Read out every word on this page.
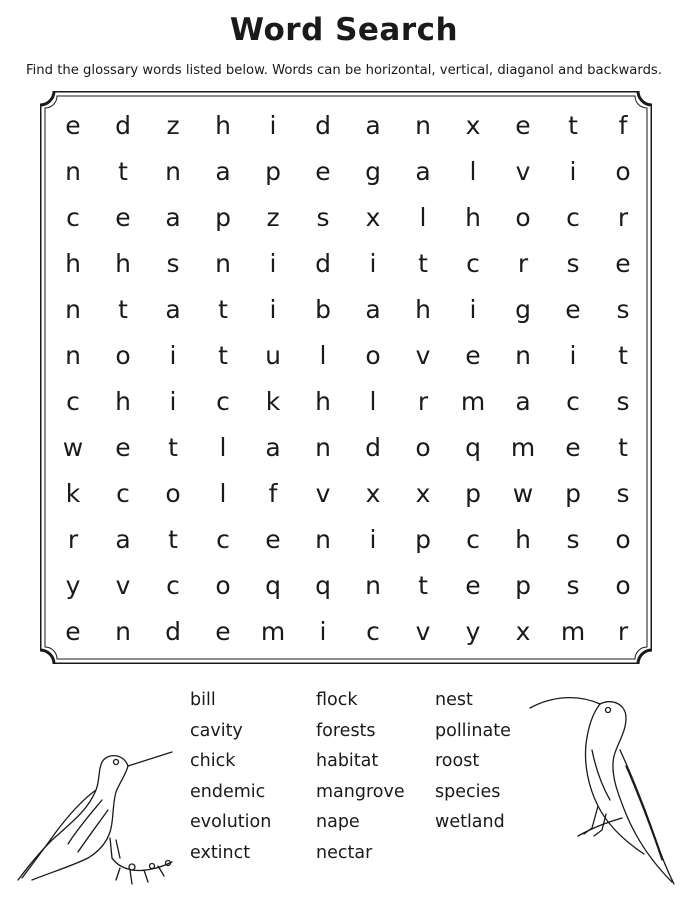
Word Search
Find the glossary words listed below. Words can be horizontal, vertical, diaganol and backwards.
e	d	z	h	i	d	a	n	x	e	t	f
n	t	n	a	p	e	g	a	l	v	i	o
c	e	a	p	z	s	x	l	h	o	c	r
h	h	s	n	i	d	i	t	c	r	s	e
n	t	a	t	i	b	a	h	i	g	e	s
n	o	i	t	u	l	o	v	e	n	i	t
c	h	i	c	k	h	l	r	m	a	c	s
w	e	t	l	a	n	d	o	q	m	e	t
k	c	o	l	f	v	x	x	p	w	p	s
r	a	t	c	e	n	i	p	c	h	s	o
y	v	c	o	q	q	n	t	e	p	s	o
e	n	d	e	m	i	c	v	y	x	m	r
bill
cavity
chick
endemic
evolution
extinct
flock
forests
habitat
mangrove
nape
nectar
nest
pollinate
roost
species
wetland
